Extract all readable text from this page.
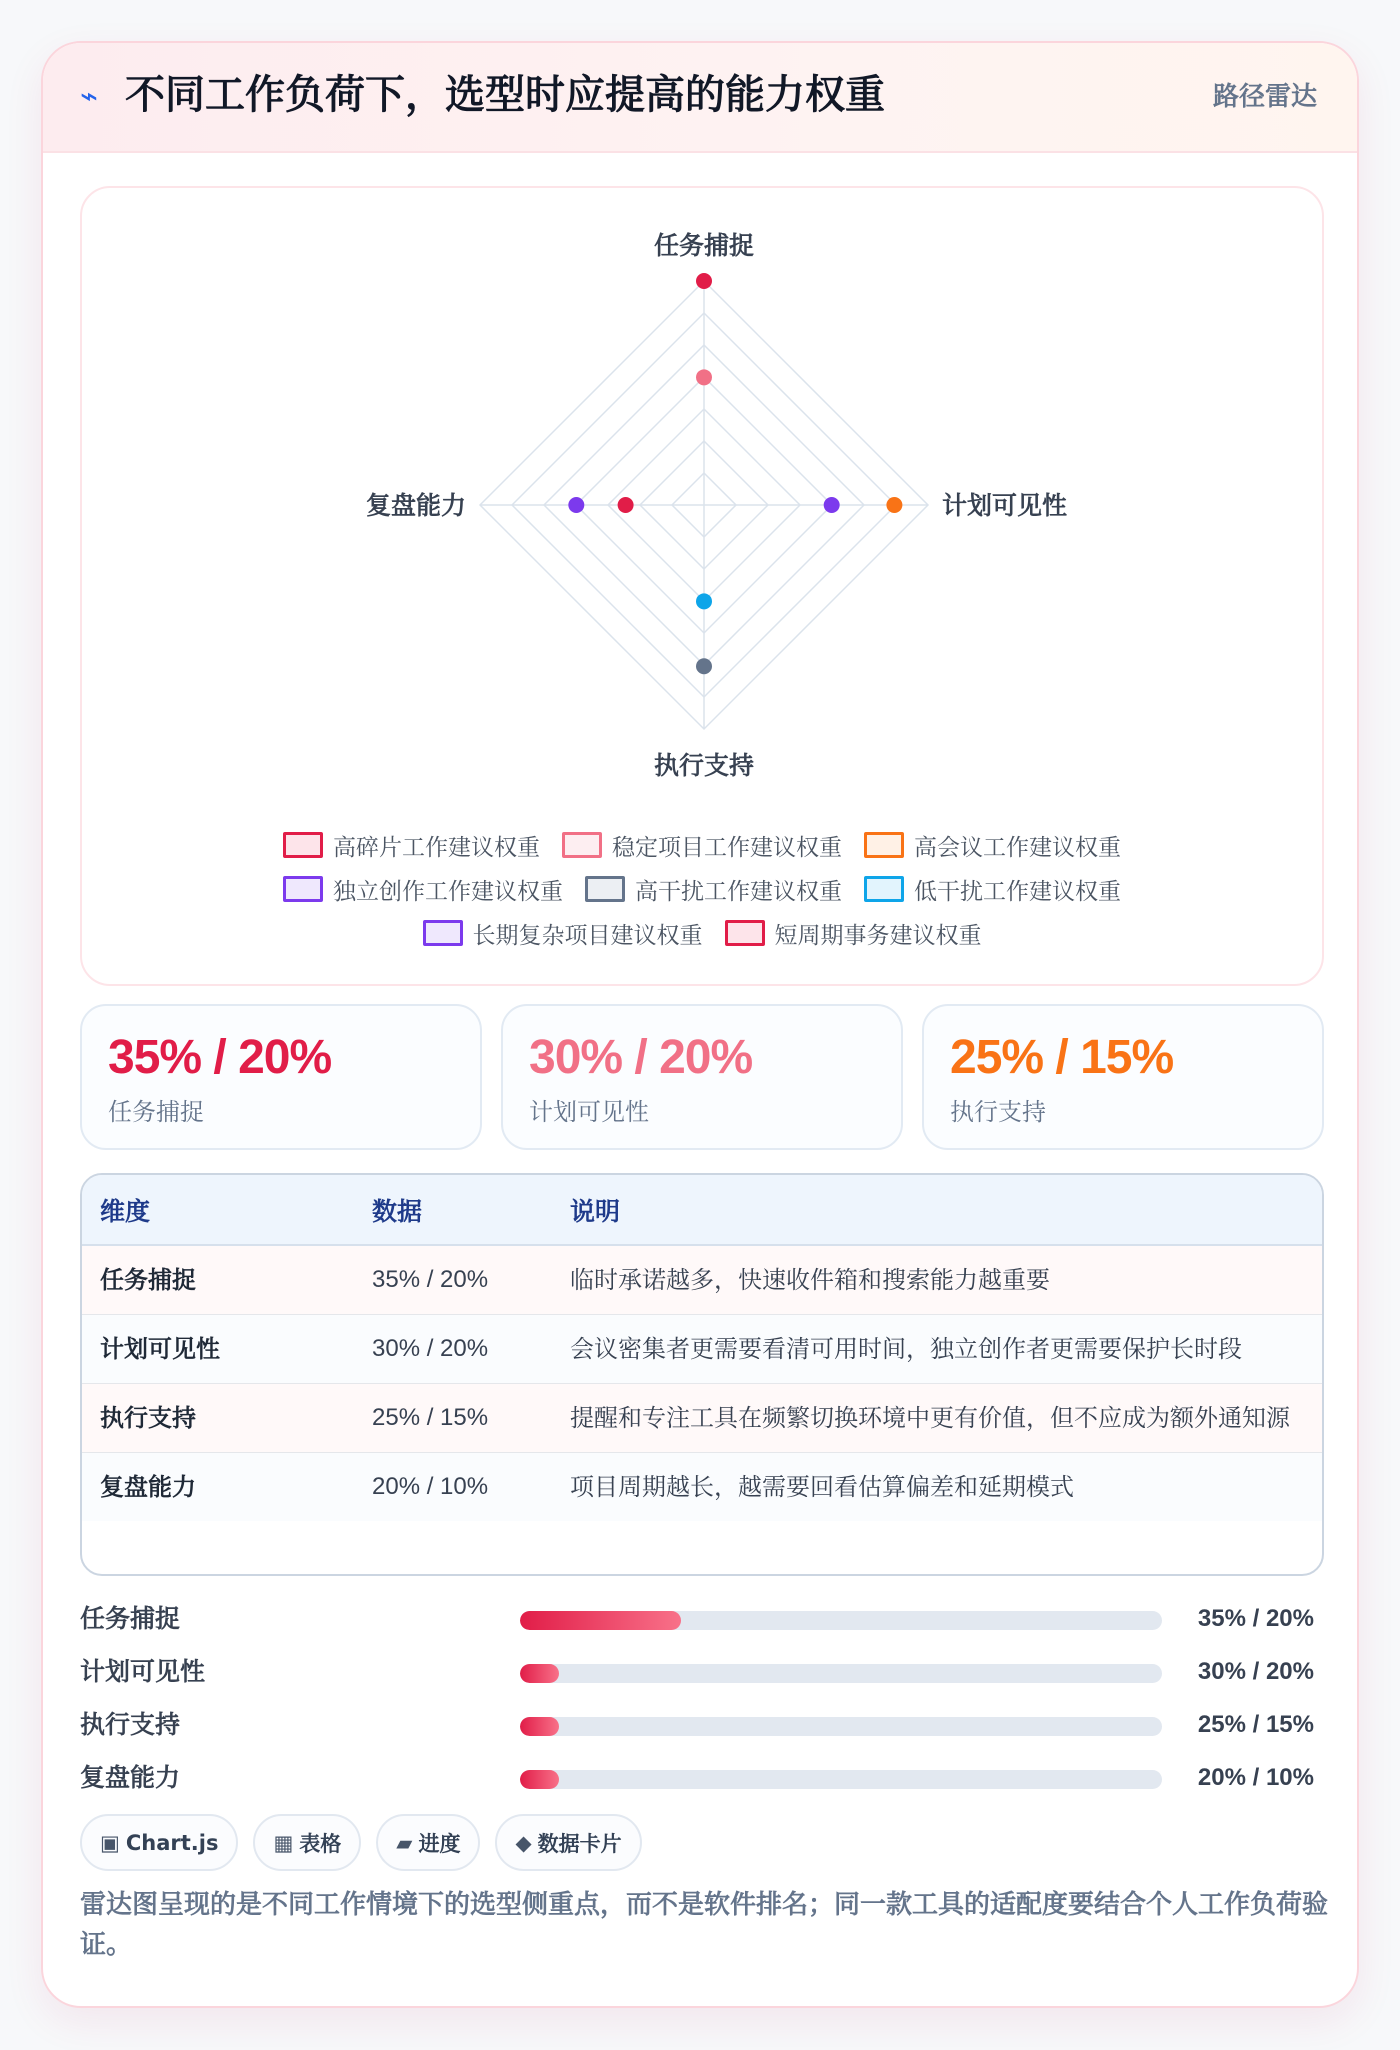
⌁ 不同工作负荷下，选型时应提高的能力权重	路径雷达
任务捕捉
计划可见性
执行支持
复盘能力
高碎片工作建议权重	稳定项目工作建议权重	高会议工作建议权重
独立创作工作建议权重	高干扰工作建议权重	低干扰工作建议权重
长期复杂项目建议权重	短周期事务建议权重
35% / 20%
任务捕捉
30% / 20%
计划可见性
25% / 15%
执行支持
维度	数据	说明
任务捕捉	35% / 20%	临时承诺越多，快速收件箱和搜索能力越重要
计划可见性	30% / 20%	会议密集者更需要看清可用时间，独立创作者更需要保护长时段
执行支持	25% / 15%	提醒和专注工具在频繁切换环境中更有价值，但不应成为额外通知源
复盘能力	20% / 10%	项目周期越长，越需要回看估算偏差和延期模式
任务捕捉	35% / 20%
计划可见性	30% / 20%
执行支持	25% / 15%
复盘能力	20% / 10%
▣ Chart.js	▦ 表格	▰ 进度	◆ 数据卡片
雷达图呈现的是不同工作情境下的选型侧重点，而不是软件排名；同一款工具的适配度要结合个人工作负荷验证。
